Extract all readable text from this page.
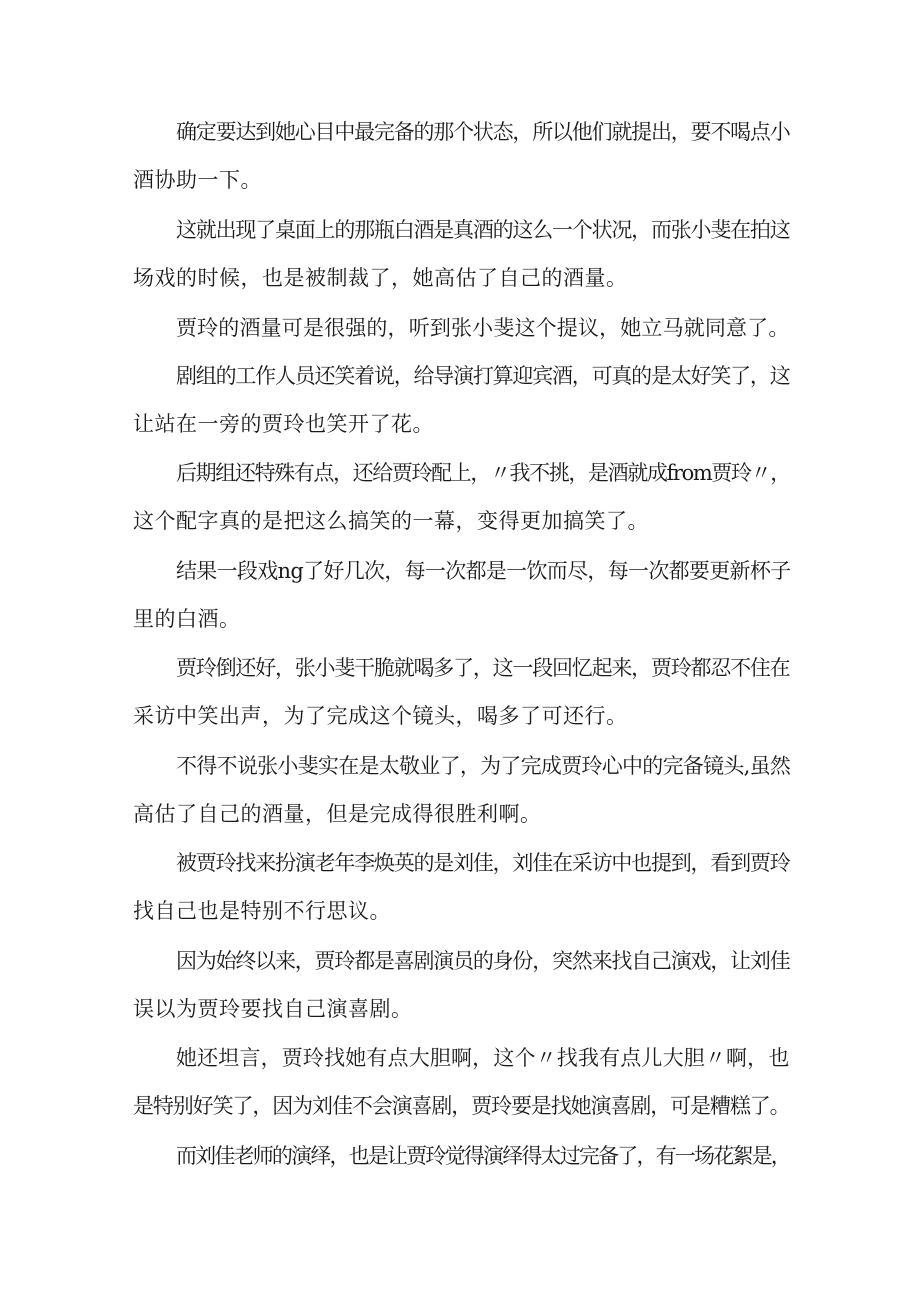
确定要达到她心目中最完备的那个状态，所以他们就提出，要不喝点小
酒协助一下。
这就出现了桌面上的那瓶白酒是真酒的这么一个状况，而张小斐在拍这
场戏的时候，也是被制裁了，她高估了自己的酒量。
贾玲的酒量可是很强的，听到张小斐这个提议，她立马就同意了。
剧组的工作人员还笑着说，给导演打算迎宾酒，可真的是太好笑了，这
让站在一旁的贾玲也笑开了花。
后期组还特殊有点，还给贾玲配上，〃我不挑，是酒就成from贾玲〃，
这个配字真的是把这么搞笑的一幕，变得更加搞笑了。
结果一段戏ng了好几次，每一次都是一饮而尽，每一次都要更新杯子
里的白酒。
贾玲倒还好，张小斐干脆就喝多了，这一段回忆起来，贾玲都忍不住在
采访中笑出声，为了完成这个镜头，喝多了可还行。
不得不说张小斐实在是太敬业了，为了完成贾玲心中的完备镜头,虽然
高估了自己的酒量，但是完成得很胜利啊。
被贾玲找来扮演老年李焕英的是刘佳，刘佳在采访中也提到，看到贾玲
找自己也是特别不行思议。
因为始终以来，贾玲都是喜剧演员的身份，突然来找自己演戏，让刘佳
误以为贾玲要找自己演喜剧。
她还坦言，贾玲找她有点大胆啊，这个〃找我有点儿大胆〃啊，也
是特别好笑了，因为刘佳不会演喜剧，贾玲要是找她演喜剧，可是糟糕了。
而刘佳老师的演绎，也是让贾玲觉得演绎得太过完备了，有一场花絮是，
